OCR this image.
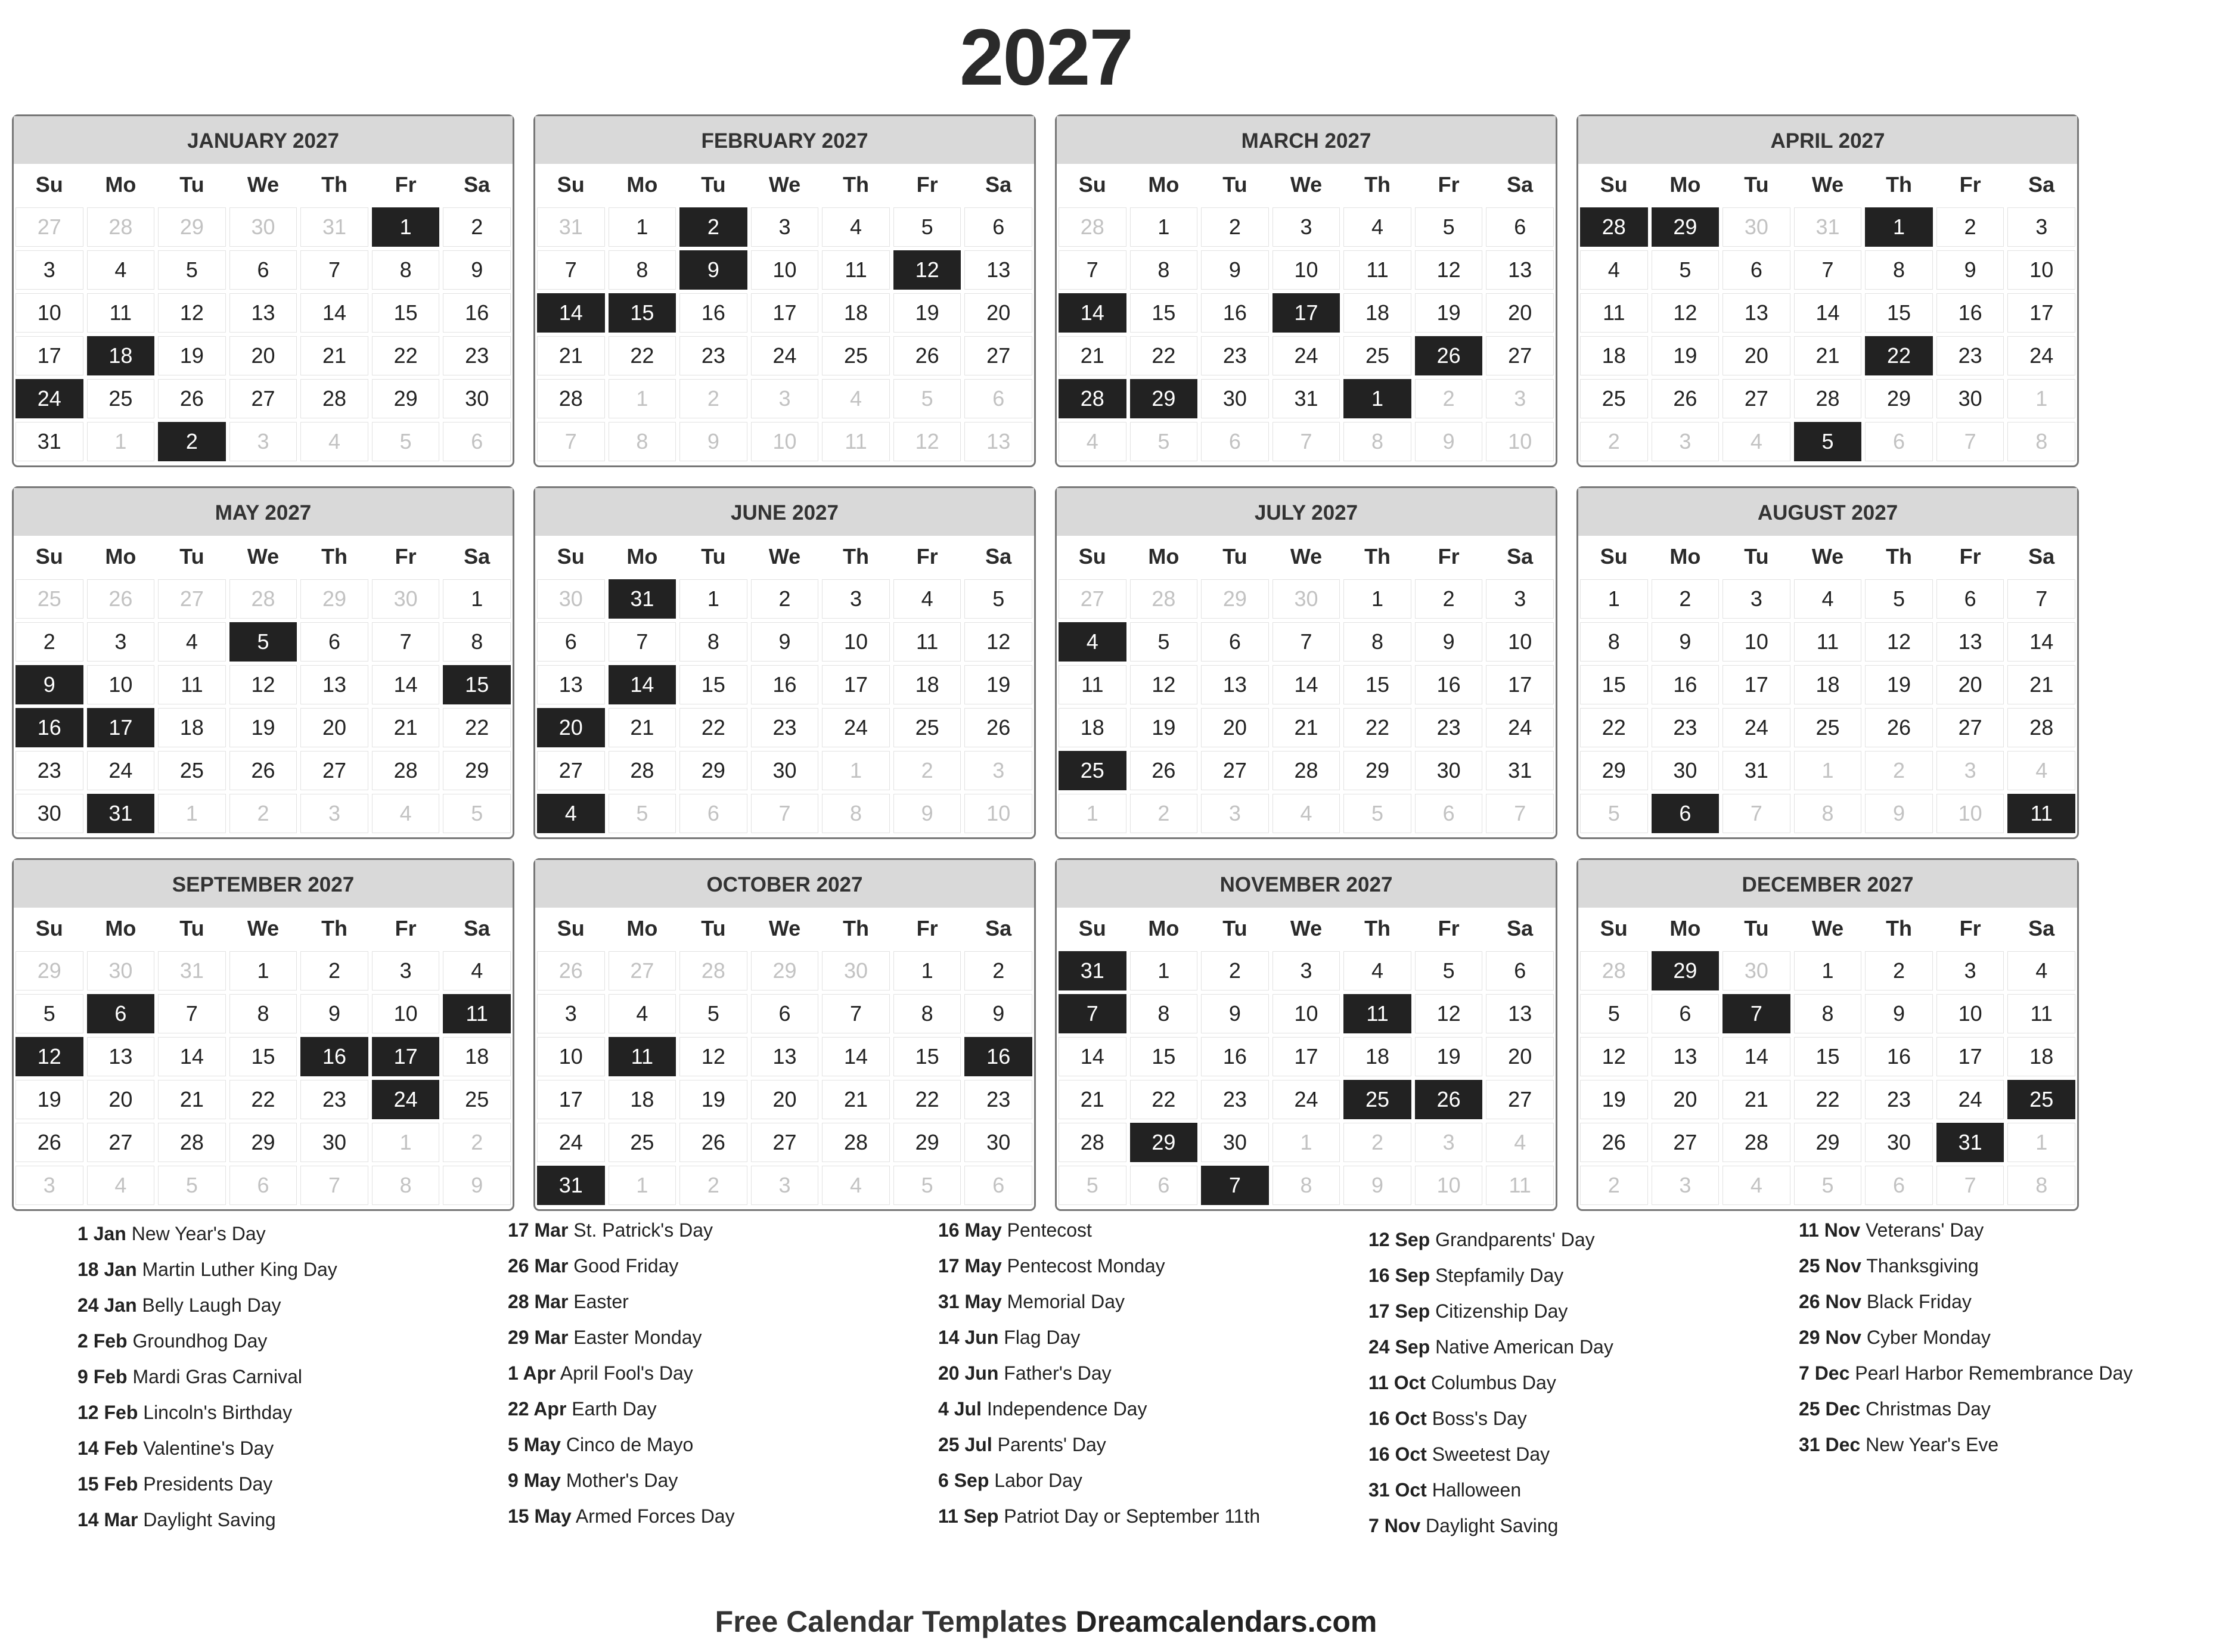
2027
JANUARY 2027
Su	Mo	Tu	We	Th	Fr	Sa
27	28	29	30	31	1	2
3	4	5	6	7	8	9
10	11	12	13	14	15	16
17	18	19	20	21	22	23
24	25	26	27	28	29	30
31	1	2	3	4	5	6
FEBRUARY 2027
Su	Mo	Tu	We	Th	Fr	Sa
31	1	2	3	4	5	6
7	8	9	10	11	12	13
14	15	16	17	18	19	20
21	22	23	24	25	26	27
28	1	2	3	4	5	6
7	8	9	10	11	12	13
MARCH 2027
Su	Mo	Tu	We	Th	Fr	Sa
28	1	2	3	4	5	6
7	8	9	10	11	12	13
14	15	16	17	18	19	20
21	22	23	24	25	26	27
28	29	30	31	1	2	3
4	5	6	7	8	9	10
APRIL 2027
Su	Mo	Tu	We	Th	Fr	Sa
28	29	30	31	1	2	3
4	5	6	7	8	9	10
11	12	13	14	15	16	17
18	19	20	21	22	23	24
25	26	27	28	29	30	1
2	3	4	5	6	7	8
MAY 2027
Su	Mo	Tu	We	Th	Fr	Sa
25	26	27	28	29	30	1
2	3	4	5	6	7	8
9	10	11	12	13	14	15
16	17	18	19	20	21	22
23	24	25	26	27	28	29
30	31	1	2	3	4	5
JUNE 2027
Su	Mo	Tu	We	Th	Fr	Sa
30	31	1	2	3	4	5
6	7	8	9	10	11	12
13	14	15	16	17	18	19
20	21	22	23	24	25	26
27	28	29	30	1	2	3
4	5	6	7	8	9	10
JULY 2027
Su	Mo	Tu	We	Th	Fr	Sa
27	28	29	30	1	2	3
4	5	6	7	8	9	10
11	12	13	14	15	16	17
18	19	20	21	22	23	24
25	26	27	28	29	30	31
1	2	3	4	5	6	7
AUGUST 2027
Su	Mo	Tu	We	Th	Fr	Sa
1	2	3	4	5	6	7
8	9	10	11	12	13	14
15	16	17	18	19	20	21
22	23	24	25	26	27	28
29	30	31	1	2	3	4
5	6	7	8	9	10	11
SEPTEMBER 2027
Su	Mo	Tu	We	Th	Fr	Sa
29	30	31	1	2	3	4
5	6	7	8	9	10	11
12	13	14	15	16	17	18
19	20	21	22	23	24	25
26	27	28	29	30	1	2
3	4	5	6	7	8	9
OCTOBER 2027
Su	Mo	Tu	We	Th	Fr	Sa
26	27	28	29	30	1	2
3	4	5	6	7	8	9
10	11	12	13	14	15	16
17	18	19	20	21	22	23
24	25	26	27	28	29	30
31	1	2	3	4	5	6
NOVEMBER 2027
Su	Mo	Tu	We	Th	Fr	Sa
31	1	2	3	4	5	6
7	8	9	10	11	12	13
14	15	16	17	18	19	20
21	22	23	24	25	26	27
28	29	30	1	2	3	4
5	6	7	8	9	10	11
DECEMBER 2027
Su	Mo	Tu	We	Th	Fr	Sa
28	29	30	1	2	3	4
5	6	7	8	9	10	11
12	13	14	15	16	17	18
19	20	21	22	23	24	25
26	27	28	29	30	31	1
2	3	4	5	6	7	8
1 Jan New Year's Day
18 Jan Martin Luther King Day
24 Jan Belly Laugh Day
2 Feb Groundhog Day
9 Feb Mardi Gras Carnival
12 Feb Lincoln's Birthday
14 Feb Valentine's Day
15 Feb Presidents Day
14 Mar Daylight Saving
17 Mar St. Patrick's Day
26 Mar Good Friday
28 Mar Easter
29 Mar Easter Monday
1 Apr April Fool's Day
22 Apr Earth Day
5 May Cinco de Mayo
9 May Mother's Day
15 May Armed Forces Day
16 May Pentecost
17 May Pentecost Monday
31 May Memorial Day
14 Jun Flag Day
20 Jun Father's Day
4 Jul Independence Day
25 Jul Parents' Day
6 Sep Labor Day
11 Sep Patriot Day or September 11th
12 Sep Grandparents' Day
16 Sep Stepfamily Day
17 Sep Citizenship Day
24 Sep Native American Day
11 Oct Columbus Day
16 Oct Boss's Day
16 Oct Sweetest Day
31 Oct Halloween
7 Nov Daylight Saving
11 Nov Veterans' Day
25 Nov Thanksgiving
26 Nov Black Friday
29 Nov Cyber Monday
7 Dec Pearl Harbor Remembrance Day
25 Dec Christmas Day
31 Dec New Year's Eve
Free Calendar Templates Dreamcalendars.com
